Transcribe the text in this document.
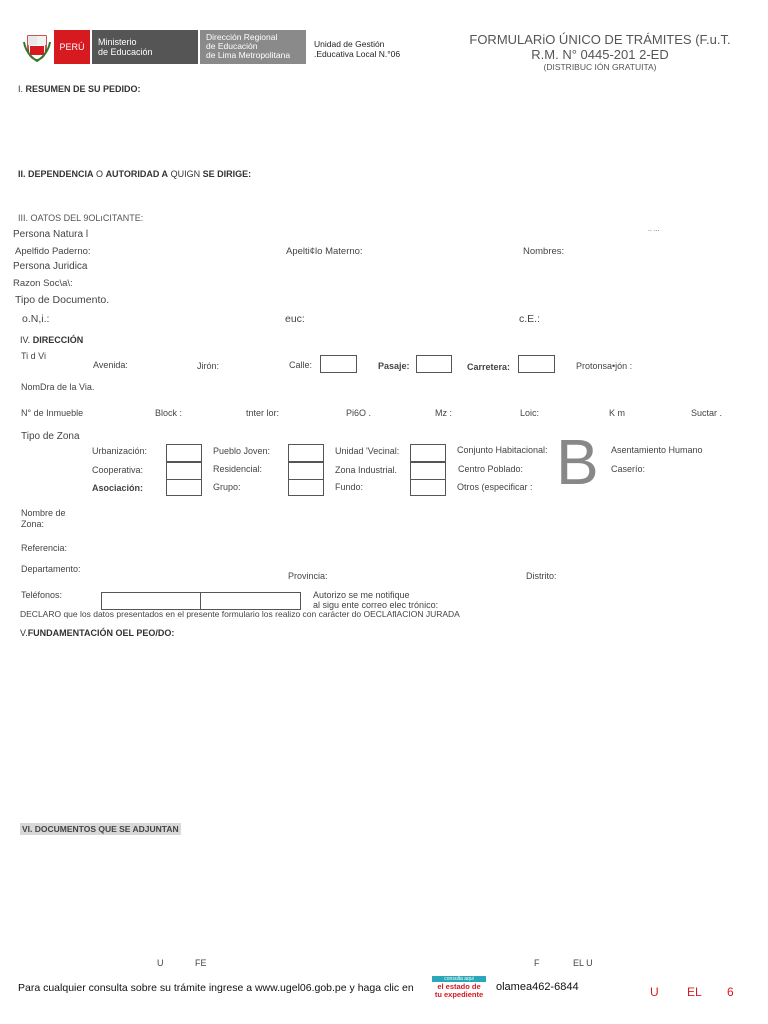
PERÚ Ministerio
de Educación
Dirección Regional
de Educación
de Lima Metropolitana
Unidad de Gestión
.Educativa Local N.°06
FORMULARiO ÚNICO DE TRÁMITES (F.u.T.
R.M. N° 0445-201 2-ED
(DISTRIBUC IÓN GRATUITA)
I. RESUMEN DE SU PEDIDO:
II. DEPENDENCIA O AUTORIDAD A QUIGN SE DIRIGE:
III. OATOS DEL 9OLıCITANTE:
.. ...
Persona Natura l
Apelfido Paderno:	Apelti¢lo Materno:	Nombres:
Persona Juridica
Razon Soc\a\:
Tipo de Documento.
o.N,i.:	euc:	c.E.:
IV. DIRECCIÓN
Ti d Vi
Avenida:	Jirón:	Calle:	Pasaje:	Carretera:	Protonsa•jón :
NomDra de la Via.
N° de Inmueble	Block :	tnter lor:	Pi6O .	Mz :	Loic:	K m	Suctar .
Tipo de Zona
Urbanización:	Pueblo Joven:	Unidad 'Vecinal:	Conjunto Habitacional:	Asentamiento Humano
Cooperativa:	Residencial:	Zona Industrial.	Centro Poblado:	Caserío:
Asociación:	Grupo:	Fundo:	Otros (especificar : B
Nombre de
Zona:
Referencia:
Departamento:
Provincia:	Distrito:
Teléfonos:	Autorizo se me notifique
al sigu ente correo elec trónico:
DECLARO que los datos presentados en el presente formulario los realizo con carácter do OECLAflACION JURADA
V.FUNDAMENTACIÓN OEL PEO/DO:
VI. DOCUMENTOS QUE SE ADJUNTAN
U	FE	F	EL U
Para cualquier consulta sobre su trámite ingrese a www.ugel06.gob.pe y haga clic en
consulta aqui
el estado de
tu expediente
olamea462-6844	U EL 6
